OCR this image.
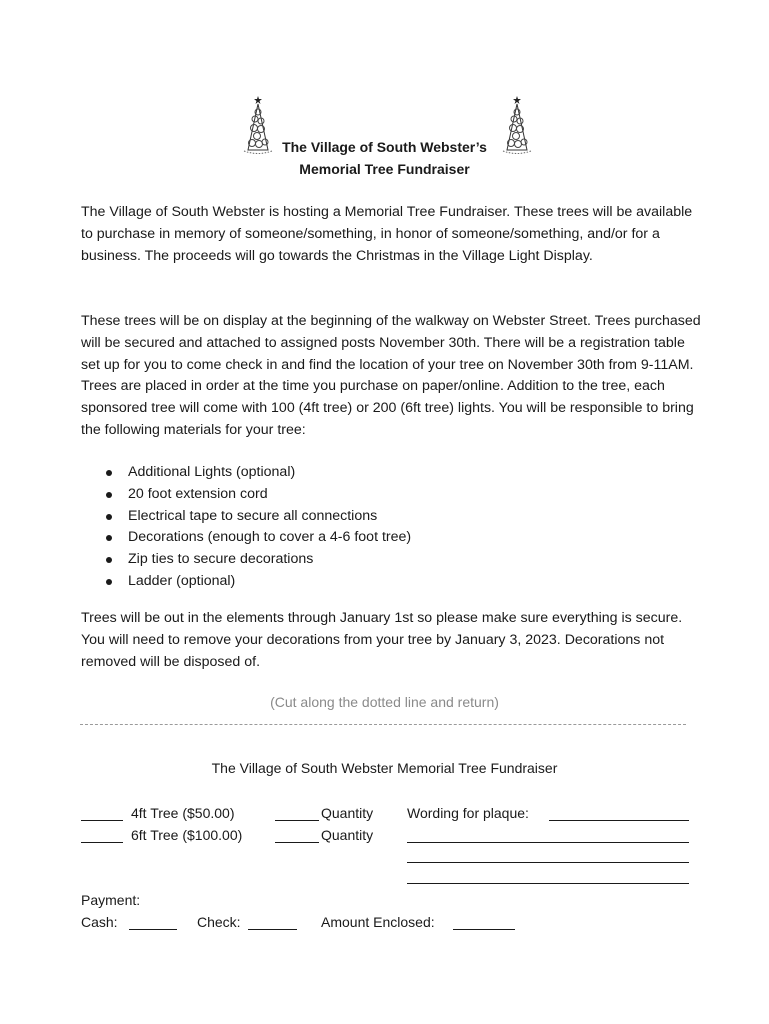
The Village of South Webster’s
Memorial Tree Fundraiser
The Village of South Webster is hosting a Memorial Tree Fundraiser. These trees will be available to purchase in memory of someone/something, in honor of someone/something, and/or for a business. The proceeds will go towards the Christmas in the Village Light Display.
These trees will be on display at the beginning of the walkway on Webster Street. Trees purchased will be secured and attached to assigned posts November 30th. There will be a registration table set up for you to come check in and find the location of your tree on November 30th from 9-11AM. Trees are placed in order at the time you purchase on paper/online. Addition to the tree, each sponsored tree will come with 100 (4ft tree) or 200 (6ft tree) lights. You will be responsible to bring the following materials for your tree:
Additional Lights (optional)
20 foot extension cord
Electrical tape to secure all connections
Decorations (enough to cover a 4-6 foot tree)
Zip ties to secure decorations
Ladder (optional)
Trees will be out in the elements through January 1st so please make sure everything is secure. You will need to remove your decorations from your tree by January 3, 2023. Decorations not removed will be disposed of.
(Cut along the dotted line and return)
The Village of South Webster Memorial Tree Fundraiser
4ft Tree ($50.00)	Quantity Wording for plaque:
6ft Tree ($100.00)	Quantity
Payment:
Cash:	Check:	Amount Enclosed:
